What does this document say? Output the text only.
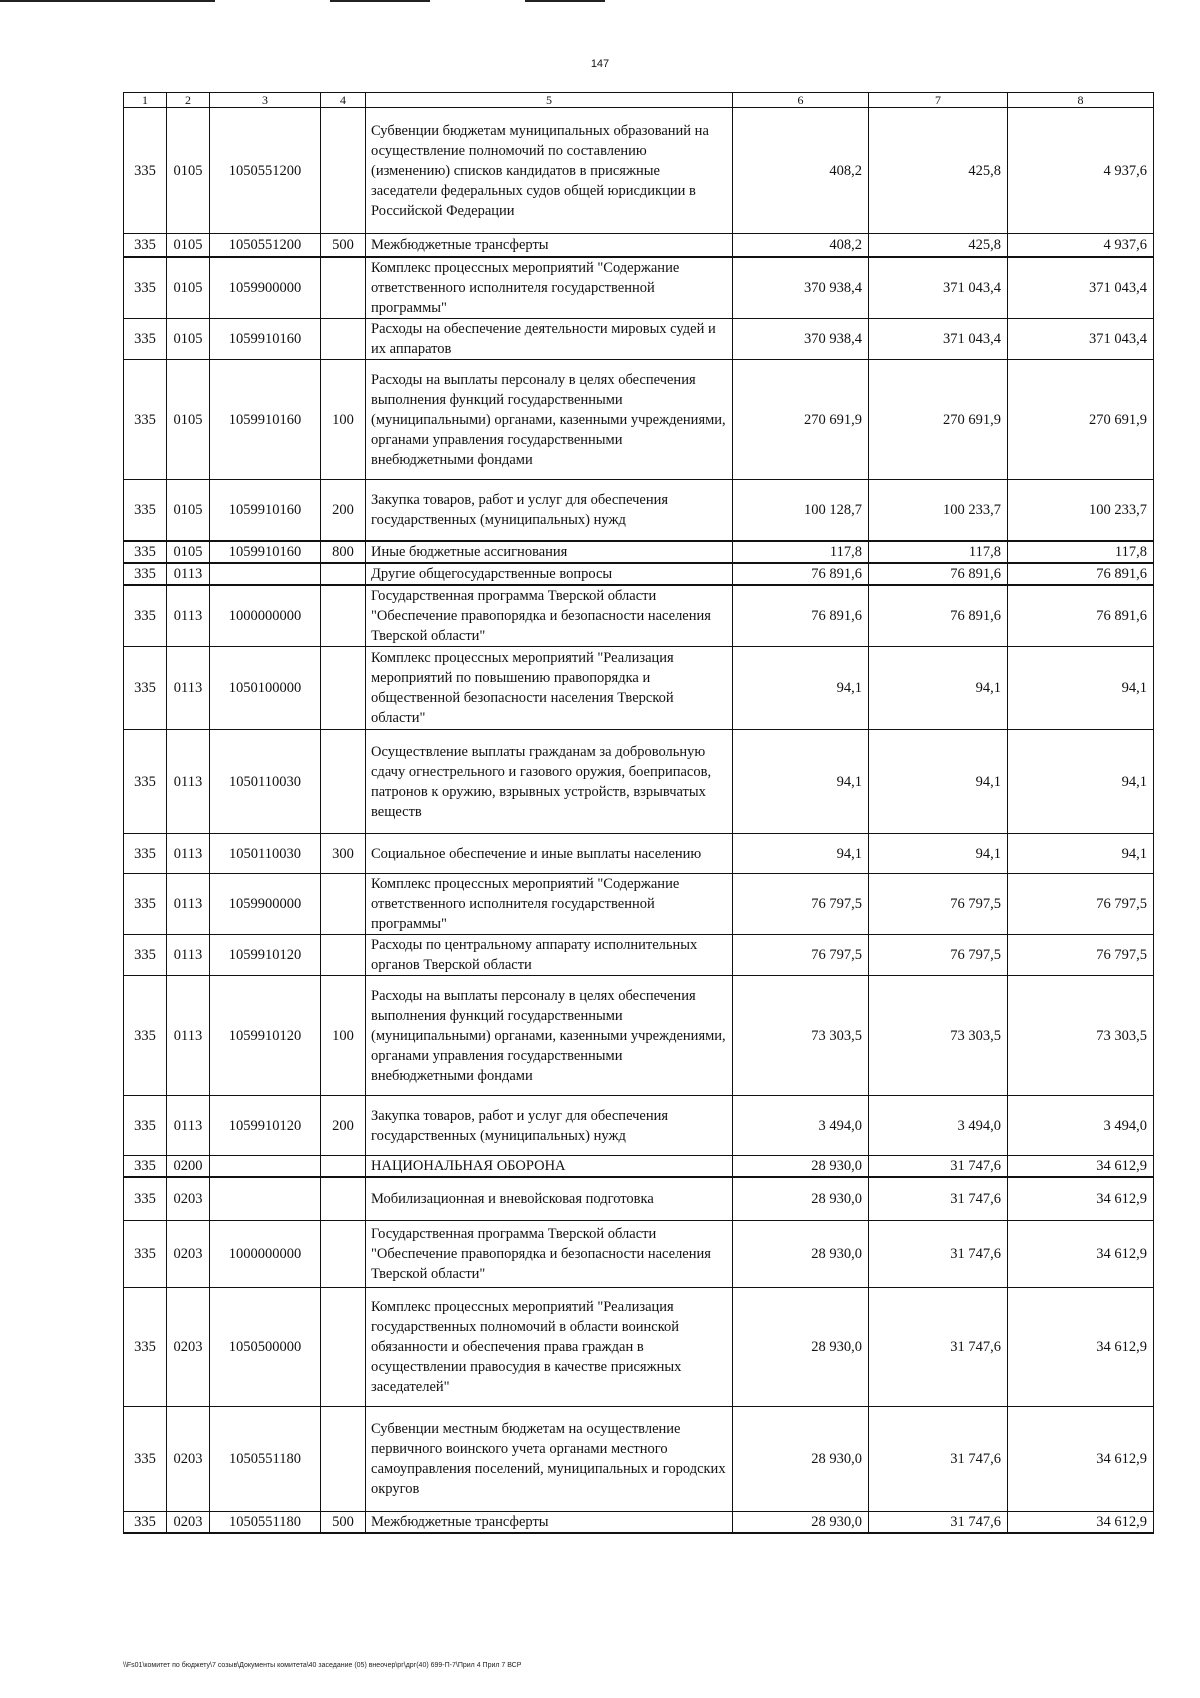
147
1	2	3	4	5	6	7	8
335	0105	1050551200		Субвенции бюджетам муниципальных образований на осуществление полномочий по составлению (изменению) списков кандидатов в присяжные заседатели федеральных судов общей юрисдикции в Российской Федерации	408,2	425,8	4 937,6
335	0105	1050551200	500	Межбюджетные трансферты	408,2	425,8	4 937,6
335	0105	1059900000		Комплекс процессных мероприятий "Содержание ответственного исполнителя государственной программы"	370 938,4	371 043,4	371 043,4
335	0105	1059910160		Расходы на обеспечение деятельности мировых судей и их аппаратов	370 938,4	371 043,4	371 043,4
335	0105	1059910160	100	Расходы на выплаты персоналу в целях обеспечения выполнения функций государственными (муниципальными) органами, казенными учреждениями, органами управления государственными внебюджетными фондами	270 691,9	270 691,9	270 691,9
335	0105	1059910160	200	Закупка товаров, работ и услуг для обеспечения государственных (муниципальных) нужд	100 128,7	100 233,7	100 233,7
335	0105	1059910160	800	Иные бюджетные ассигнования	117,8	117,8	117,8
335	0113			Другие общегосударственные вопросы	76 891,6	76 891,6	76 891,6
335	0113	1000000000		Государственная программа Тверской области "Обеспечение правопорядка и безопасности населения Тверской области"	76 891,6	76 891,6	76 891,6
335	0113	1050100000		Комплекс процессных мероприятий "Реализация мероприятий по повышению правопорядка и общественной безопасности населения Тверской области"	94,1	94,1	94,1
335	0113	1050110030		Осуществление выплаты гражданам за добровольную сдачу огнестрельного и газового оружия, боеприпасов, патронов к оружию, взрывных устройств, взрывчатых веществ	94,1	94,1	94,1
335	0113	1050110030	300	Социальное обеспечение и иные выплаты населению	94,1	94,1	94,1
335	0113	1059900000		Комплекс процессных мероприятий "Содержание ответственного исполнителя государственной программы"	76 797,5	76 797,5	76 797,5
335	0113	1059910120		Расходы по центральному аппарату исполнительных органов Тверской области	76 797,5	76 797,5	76 797,5
335	0113	1059910120	100	Расходы на выплаты персоналу в целях обеспечения выполнения функций государственными (муниципальными) органами, казенными учреждениями, органами управления государственными внебюджетными фондами	73 303,5	73 303,5	73 303,5
335	0113	1059910120	200	Закупка товаров, работ и услуг для обеспечения государственных (муниципальных) нужд	3 494,0	3 494,0	3 494,0
335	0200			НАЦИОНАЛЬНАЯ ОБОРОНА	28 930,0	31 747,6	34 612,9
335	0203			Мобилизационная и вневойсковая подготовка	28 930,0	31 747,6	34 612,9
335	0203	1000000000		Государственная программа Тверской области "Обеспечение правопорядка и безопасности населения Тверской области"	28 930,0	31 747,6	34 612,9
335	0203	1050500000		Комплекс процессных мероприятий "Реализация государственных полномочий в области воинской обязанности и обеспечения права граждан в осуществлении правосудия в качестве присяжных заседателей"	28 930,0	31 747,6	34 612,9
335	0203	1050551180		Субвенции местным бюджетам на осуществление первичного воинского учета органами местного самоуправления поселений, муниципальных и городских округов	28 930,0	31 747,6	34 612,9
335	0203	1050551180	500	Межбюджетные трансферты	28 930,0	31 747,6	34 612,9
\\Fs01\комитет по бюджету\7 созыв\Документы комитета\40 заседание (05) внеочер\рг\дрг(40) 699-П-7\Прил 4 Прил 7 ВСР
